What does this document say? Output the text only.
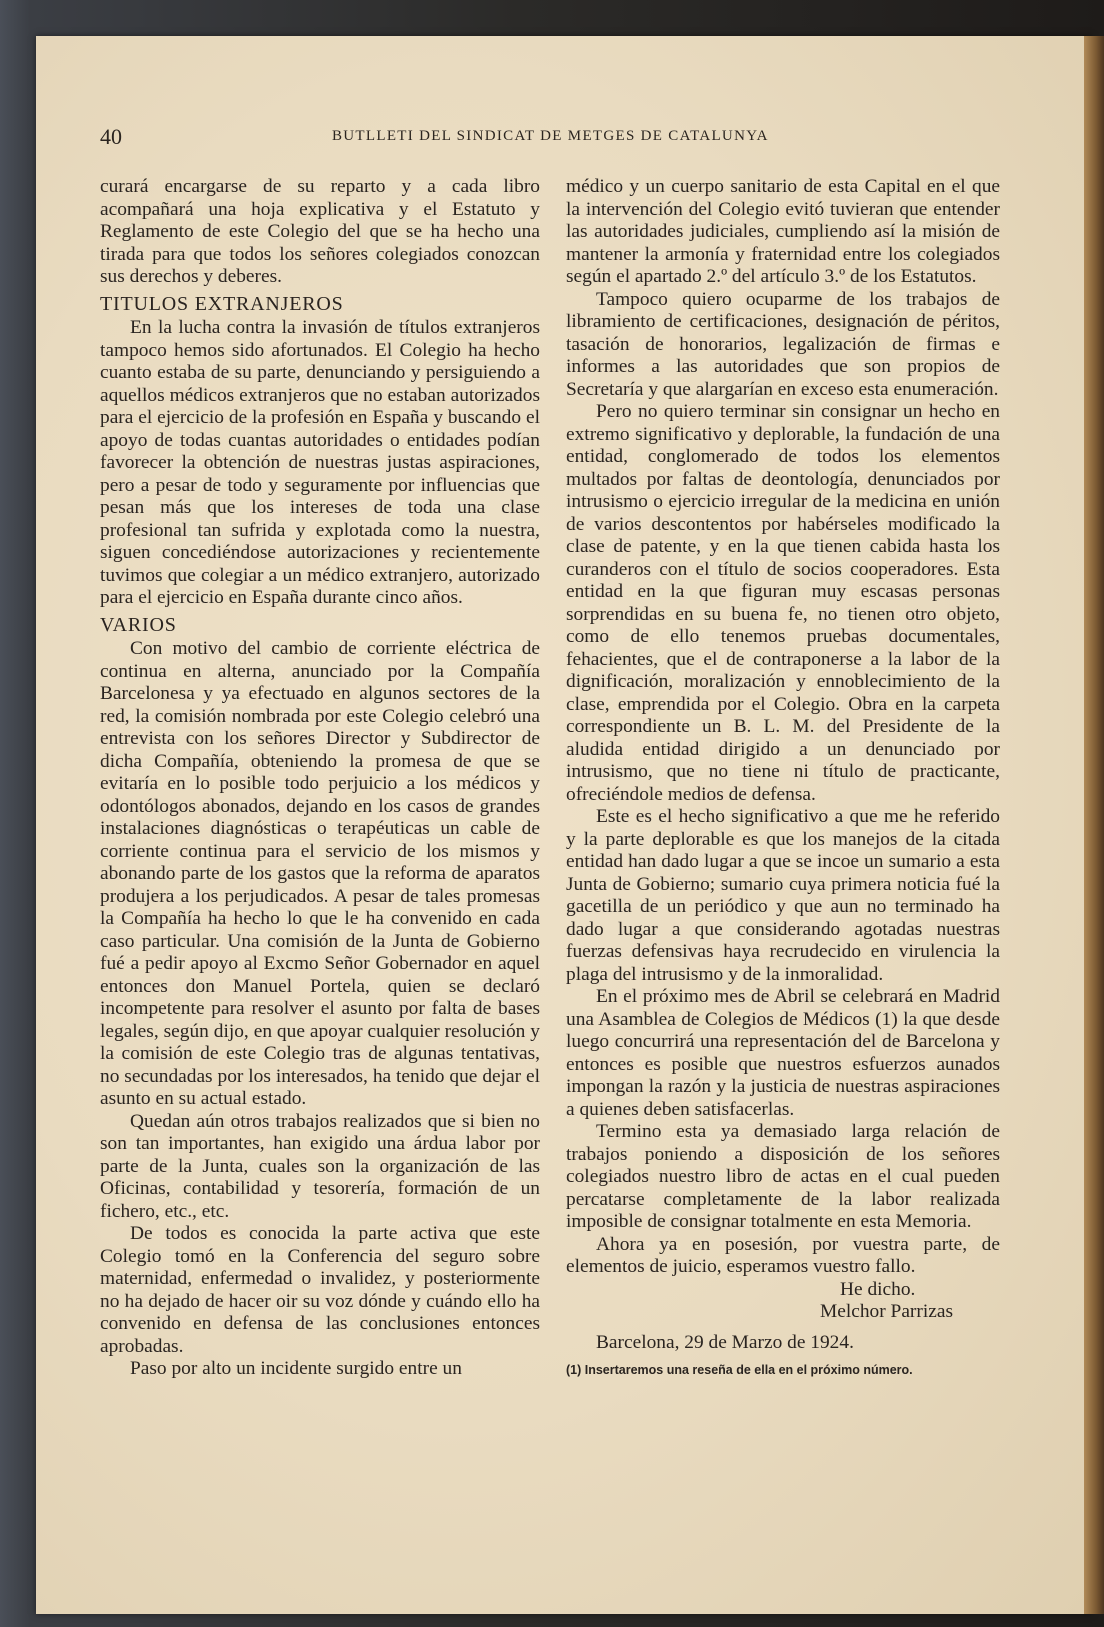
40	BUTLLETI DEL SINDICAT DE METGES DE CATALUNYA

curará encargarse de su reparto y a cada libro acompañará una hoja explicativa y el Estatuto y Reglamento de este Colegio del que se ha hecho una tirada para que todos los señores colegiados conozcan sus derechos y deberes.

TITULOS EXTRANJEROS

En la lucha contra la invasión de títulos extranjeros tampoco hemos sido afortunados. El Colegio ha hecho cuanto estaba de su parte, denunciando y persiguiendo a aquellos médicos extranjeros que no estaban autorizados para el ejercicio de la profesión en España y buscando el apoyo de todas cuantas autoridades o entidades podían favorecer la obtención de nuestras justas aspiraciones, pero a pesar de todo y seguramente por influencias que pesan más que los intereses de toda una clase profesional tan sufrida y explotada como la nuestra, siguen concediéndose autorizaciones y recientemente tuvimos que colegiar a un médico extranjero, autorizado para el ejercicio en España durante cinco años.

VARIOS

Con motivo del cambio de corriente eléctrica de continua en alterna, anunciado por la Compañía Barcelonesa y ya efectuado en algunos sectores de la red, la comisión nombrada por este Colegio celebró una entrevista con los señores Director y Subdirector de dicha Compañía, obteniendo la promesa de que se evitaría en lo posible todo perjuicio a los médicos y odontólogos abonados, dejando en los casos de grandes instalaciones diagnósticas o terapéuticas un cable de corriente continua para el servicio de los mismos y abonando parte de los gastos que la reforma de aparatos produjera a los perjudicados. A pesar de tales promesas la Compañía ha hecho lo que le ha convenido en cada caso particular. Una comisión de la Junta de Gobierno fué a pedir apoyo al Excmo Señor Gobernador en aquel entonces don Manuel Portela, quien se declaró incompetente para resolver el asunto por falta de bases legales, según dijo, en que apoyar cualquier resolución y la comisión de este Colegio tras de algunas tentativas, no secundadas por los interesados, ha tenido que dejar el asunto en su actual estado.

Quedan aún otros trabajos realizados que si bien no son tan importantes, han exigido una árdua labor por parte de la Junta, cuales son la organización de las Oficinas, contabilidad y tesorería, formación de un fichero, etc., etc.

De todos es conocida la parte activa que este Colegio tomó en la Conferencia del seguro sobre maternidad, enfermedad o invalidez, y posteriormente no ha dejado de hacer oir su voz dónde y cuándo ello ha convenido en defensa de las conclusiones entonces aprobadas.

Paso por alto un incidente surgido entre un

médico y un cuerpo sanitario de esta Capital en el que la intervención del Colegio evitó tuvieran que entender las autoridades judiciales, cumpliendo así la misión de mantener la armonía y fraternidad entre los colegiados según el apartado 2.º del artículo 3.º de los Estatutos.

Tampoco quiero ocuparme de los trabajos de libramiento de certificaciones, designación de péritos, tasación de honorarios, legalización de firmas e informes a las autoridades que son propios de Secretaría y que alargarían en exceso esta enumeración.

Pero no quiero terminar sin consignar un hecho en extremo significativo y deplorable, la fundación de una entidad, conglomerado de todos los elementos multados por faltas de deontología, denunciados por intrusismo o ejercicio irregular de la medicina en unión de varios descontentos por habérseles modificado la clase de patente, y en la que tienen cabida hasta los curanderos con el título de socios cooperadores. Esta entidad en la que figuran muy escasas personas sorprendidas en su buena fe, no tienen otro objeto, como de ello tenemos pruebas documentales, fehacientes, que el de contraponerse a la labor de la dignificación, moralización y ennoblecimiento de la clase, emprendida por el Colegio. Obra en la carpeta correspondiente un B. L. M. del Presidente de la aludida entidad dirigido a un denunciado por intrusismo, que no tiene ni título de practicante, ofreciéndole medios de defensa.

Este es el hecho significativo a que me he referido y la parte deplorable es que los manejos de la citada entidad han dado lugar a que se incoe un sumario a esta Junta de Gobierno; sumario cuya primera noticia fué la gacetilla de un periódico y que aun no terminado ha dado lugar a que considerando agotadas nuestras fuerzas defensivas haya recrudecido en virulencia la plaga del intrusismo y de la inmoralidad.

En el próximo mes de Abril se celebrará en Madrid una Asamblea de Colegios de Médicos (1) la que desde luego concurrirá una representación del de Barcelona y entonces es posible que nuestros esfuerzos aunados impongan la razón y la justicia de nuestras aspiraciones a quienes deben satisfacerlas.

Termino esta ya demasiado larga relación de trabajos poniendo a disposición de los señores colegiados nuestro libro de actas en el cual pueden percatarse completamente de la labor realizada imposible de consignar totalmente en esta Memoria.

Ahora ya en posesión, por vuestra parte, de elementos de juicio, esperamos vuestro fallo.

He dicho.

Melchor Parrizas

Barcelona, 29 de Marzo de 1924.

(1) Insertaremos una reseña de ella en el próximo número.
